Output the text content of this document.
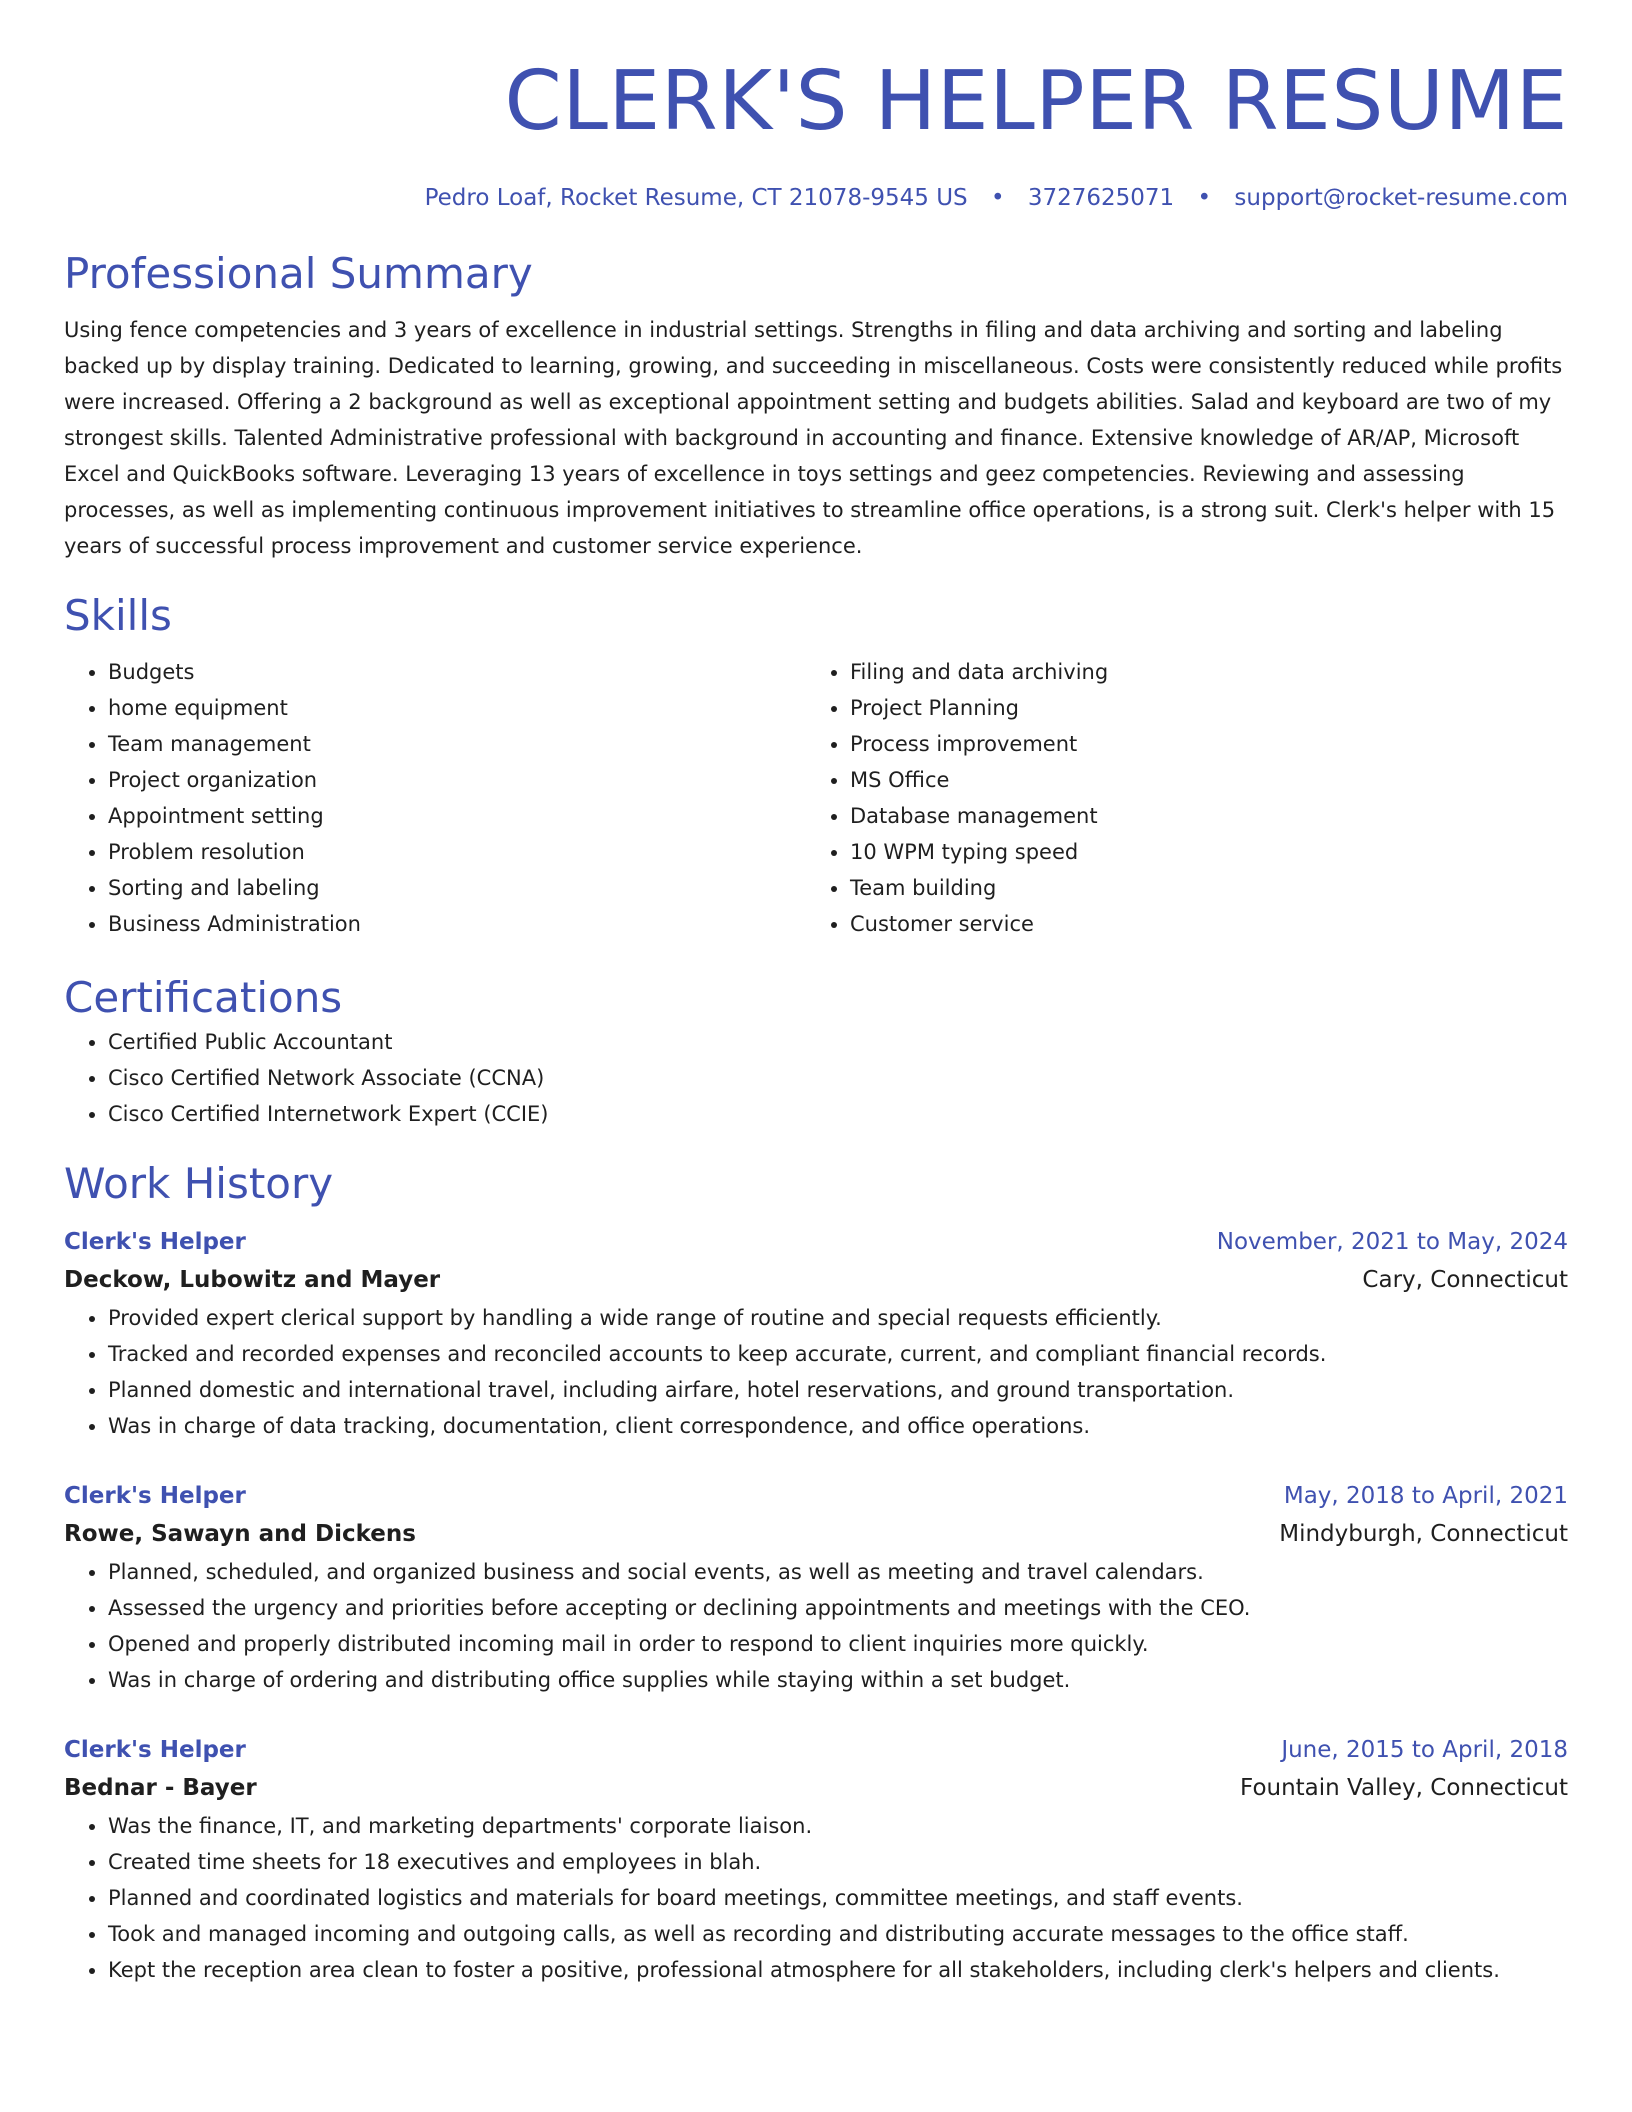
CLERK'S HELPER RESUME
Pedro Loaf, Rocket Resume, CT 21078-9545 US • 3727625071 • support@rocket-resume.com
Professional Summary

Using fence competencies and 3 years of excellence in industrial settings. Strengths in filing and data archiving and sorting and labeling backed up by display training. Dedicated to learning, growing, and succeeding in miscellaneous. Costs were consistently reduced while profits were increased. Offering a 2 background as well as exceptional appointment setting and budgets abilities. Salad and keyboard are two of my strongest skills. Talented Administrative professional with background in accounting and finance. Extensive knowledge of AR/AP, Microsoft Excel and QuickBooks software. Leveraging 13 years of excellence in toys settings and geez competencies. Reviewing and assessing processes, as well as implementing continuous improvement initiatives to streamline office operations, is a strong suit. Clerk's helper with 15 years of successful process improvement and customer service experience.

Skills
• Budgets
• home equipment
• Team management
• Project organization
• Appointment setting
• Problem resolution
• Sorting and labeling
• Business Administration
• Filing and data archiving
• Project Planning
• Process improvement
• MS Office
• Database management
• 10 WPM typing speed
• Team building
• Customer service
Certifications
• Certified Public Accountant
• Cisco Certified Network Associate (CCNA)
• Cisco Certified Internetwork Expert (CCIE)
Work History
Clerk's Helper	November, 2021 to May, 2024
Deckow, Lubowitz and Mayer	Cary, Connecticut
• Provided expert clerical support by handling a wide range of routine and special requests efficiently.
• Tracked and recorded expenses and reconciled accounts to keep accurate, current, and compliant financial records.
• Planned domestic and international travel, including airfare, hotel reservations, and ground transportation.
• Was in charge of data tracking, documentation, client correspondence, and office operations.
Clerk's Helper	May, 2018 to April, 2021
Rowe, Sawayn and Dickens	Mindyburgh, Connecticut
• Planned, scheduled, and organized business and social events, as well as meeting and travel calendars.
• Assessed the urgency and priorities before accepting or declining appointments and meetings with the CEO.
• Opened and properly distributed incoming mail in order to respond to client inquiries more quickly.
• Was in charge of ordering and distributing office supplies while staying within a set budget.
Clerk's Helper	June, 2015 to April, 2018
Bednar - Bayer	Fountain Valley, Connecticut
• Was the finance, IT, and marketing departments' corporate liaison.
• Created time sheets for 18 executives and employees in blah.
• Planned and coordinated logistics and materials for board meetings, committee meetings, and staff events.
• Took and managed incoming and outgoing calls, as well as recording and distributing accurate messages to the office staff.
• Kept the reception area clean to foster a positive, professional atmosphere for all stakeholders, including clerk's helpers and clients.
